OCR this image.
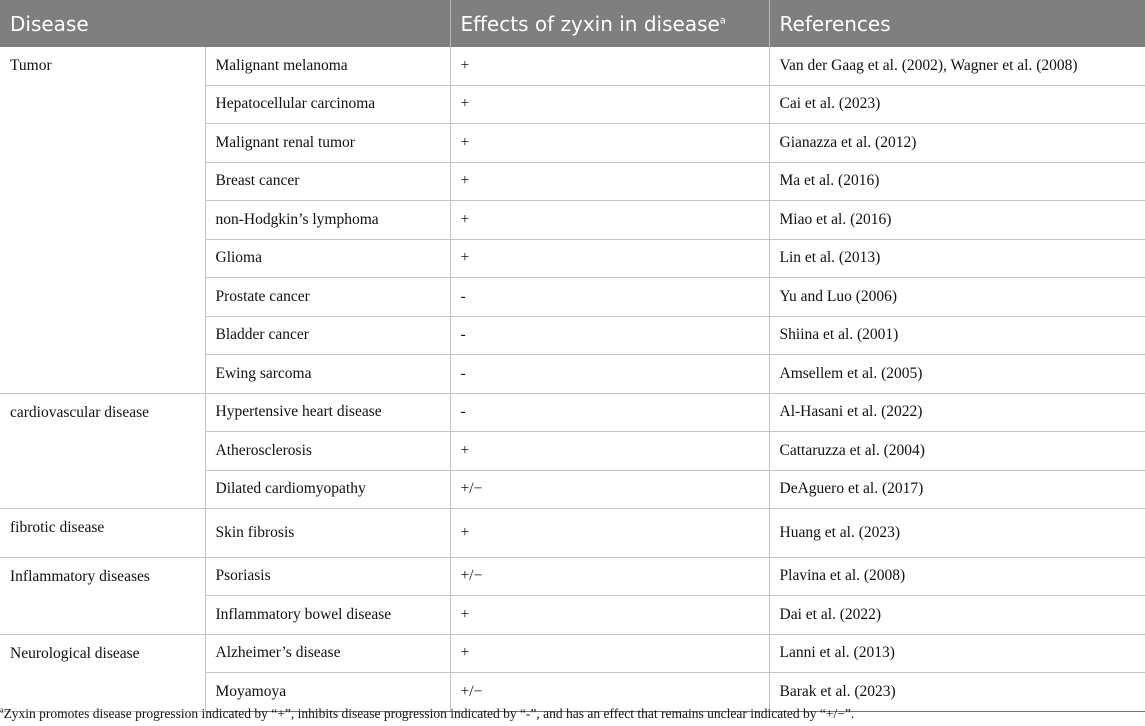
Disease		Effects of zyxin in disease$^a$	References
Tumor	Malignant melanoma	+	Van der Gaag et al. (2002), Wagner et al. (2008)
	Hepatocellular carcinoma	+	Cai et al. (2023)
	Malignant renal tumor	+	Gianazza et al. (2012)
	Breast cancer	+	Ma et al. (2016)
	non-Hodgkin’s lymphoma	+	Miao et al. (2016)
	Glioma	+	Lin et al. (2013)
	Prostate cancer	-	Yu and Luo (2006)
	Bladder cancer	-	Shiina et al. (2001)
	Ewing sarcoma	-	Amsellem et al. (2005)
cardiovascular disease	Hypertensive heart disease	-	Al-Hasani et al. (2022)
	Atherosclerosis	+	Cattaruzza et al. (2004)
	Dilated cardiomyopathy	+/−	DeAguero et al. (2017)
fibrotic disease	Skin fibrosis	+	Huang et al. (2023)
Inflammatory diseases	Psoriasis	+/−	Plavina et al. (2008)
	Inflammatory bowel disease	+	Dai et al. (2022)
Neurological disease	Alzheimer’s disease	+	Lanni et al. (2013)
	Moyamoya	+/−	Barak et al. (2023)
$^a$Zyxin promotes disease progression indicated by “+”, inhibits disease progression indicated by “-”, and has an effect that remains unclear indicated by “+/−”.
